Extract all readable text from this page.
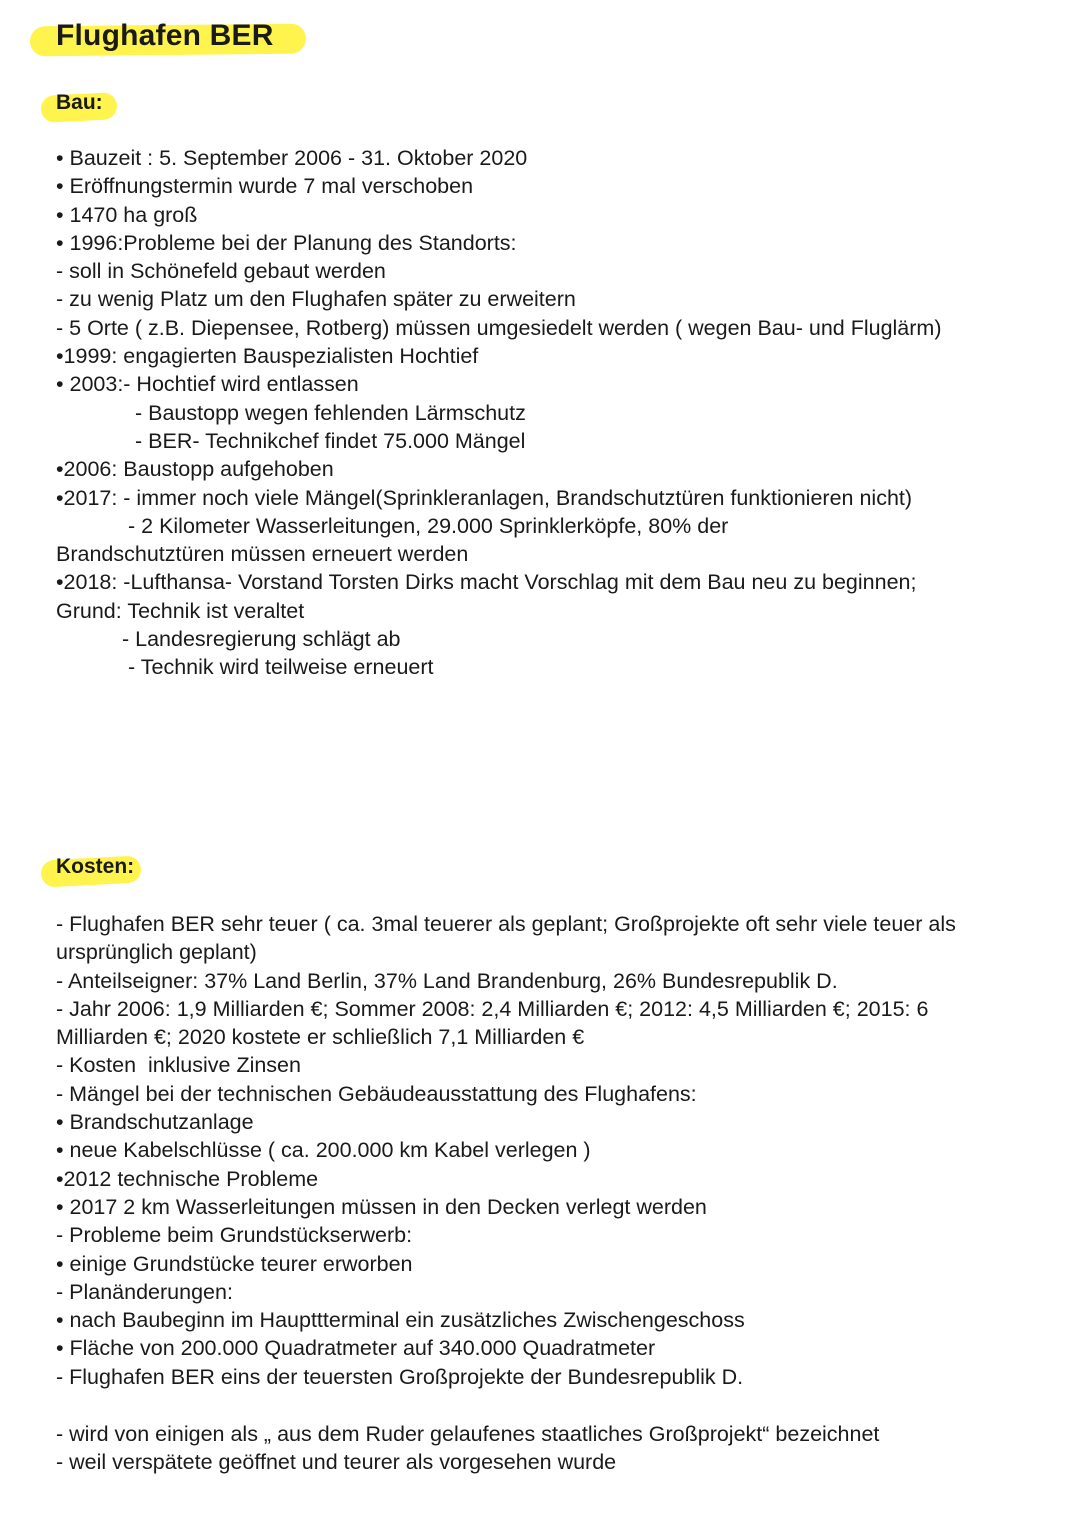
Flughafen BER
Bau:
• Bauzeit : 5. September 2006 - 31. Oktober 2020
• Eröffnungstermin wurde 7 mal verschoben
• 1470 ha groß
• 1996:Probleme bei der Planung des Standorts:
- soll in Schönefeld gebaut werden
- zu wenig Platz um den Flughafen später zu erweitern
- 5 Orte ( z.B. Diepensee, Rotberg) müssen umgesiedelt werden ( wegen Bau- und Fluglärm)
•1999: engagierten Bauspezialisten Hochtief
• 2003:- Hochtief wird entlassen
- Baustopp wegen fehlenden Lärmschutz
- BER- Technikchef findet 75.000 Mängel
•2006: Baustopp aufgehoben
•2017: - immer noch viele Mängel(Sprinkleranlagen, Brandschutztüren funktionieren nicht)
- 2 Kilometer Wasserleitungen, 29.000 Sprinklerköpfe, 80% der
Brandschutztüren müssen erneuert werden
•2018: -Lufthansa- Vorstand Torsten Dirks macht Vorschlag mit dem Bau neu zu beginnen; Grund: Technik ist veraltet
- Landesregierung schlägt ab
- Technik wird teilweise erneuert
Kosten:
- Flughafen BER sehr teuer ( ca. 3mal teuerer als geplant; Großprojekte oft sehr viele teuer als ursprünglich geplant)
- Anteilseigner: 37% Land Berlin, 37% Land Brandenburg, 26% Bundesrepublik D.
- Jahr 2006: 1,9 Milliarden €; Sommer 2008: 2,4 Milliarden €; 2012: 4,5 Milliarden €; 2015: 6 Milliarden €; 2020 kostete er schließlich 7,1 Milliarden €
- Kosten  inklusive Zinsen
- Mängel bei der technischen Gebäudeausstattung des Flughafens:
• Brandschutzanlage
• neue Kabelschlüsse ( ca. 200.000 km Kabel verlegen )
•2012 technische Probleme
• 2017 2 km Wasserleitungen müssen in den Decken verlegt werden
- Probleme beim Grundstückserwerb:
• einige Grundstücke teurer erworben
- Planänderungen:
• nach Baubeginn im Haupttterminal ein zusätzliches Zwischengeschoss
• Fläche von 200.000 Quadratmeter auf 340.000 Quadratmeter
- Flughafen BER eins der teuersten Großprojekte der Bundesrepublik D.
- wird von einigen als „ aus dem Ruder gelaufenes staatliches Großprojekt“ bezeichnet
- weil verspätete geöffnet und teurer als vorgesehen wurde
